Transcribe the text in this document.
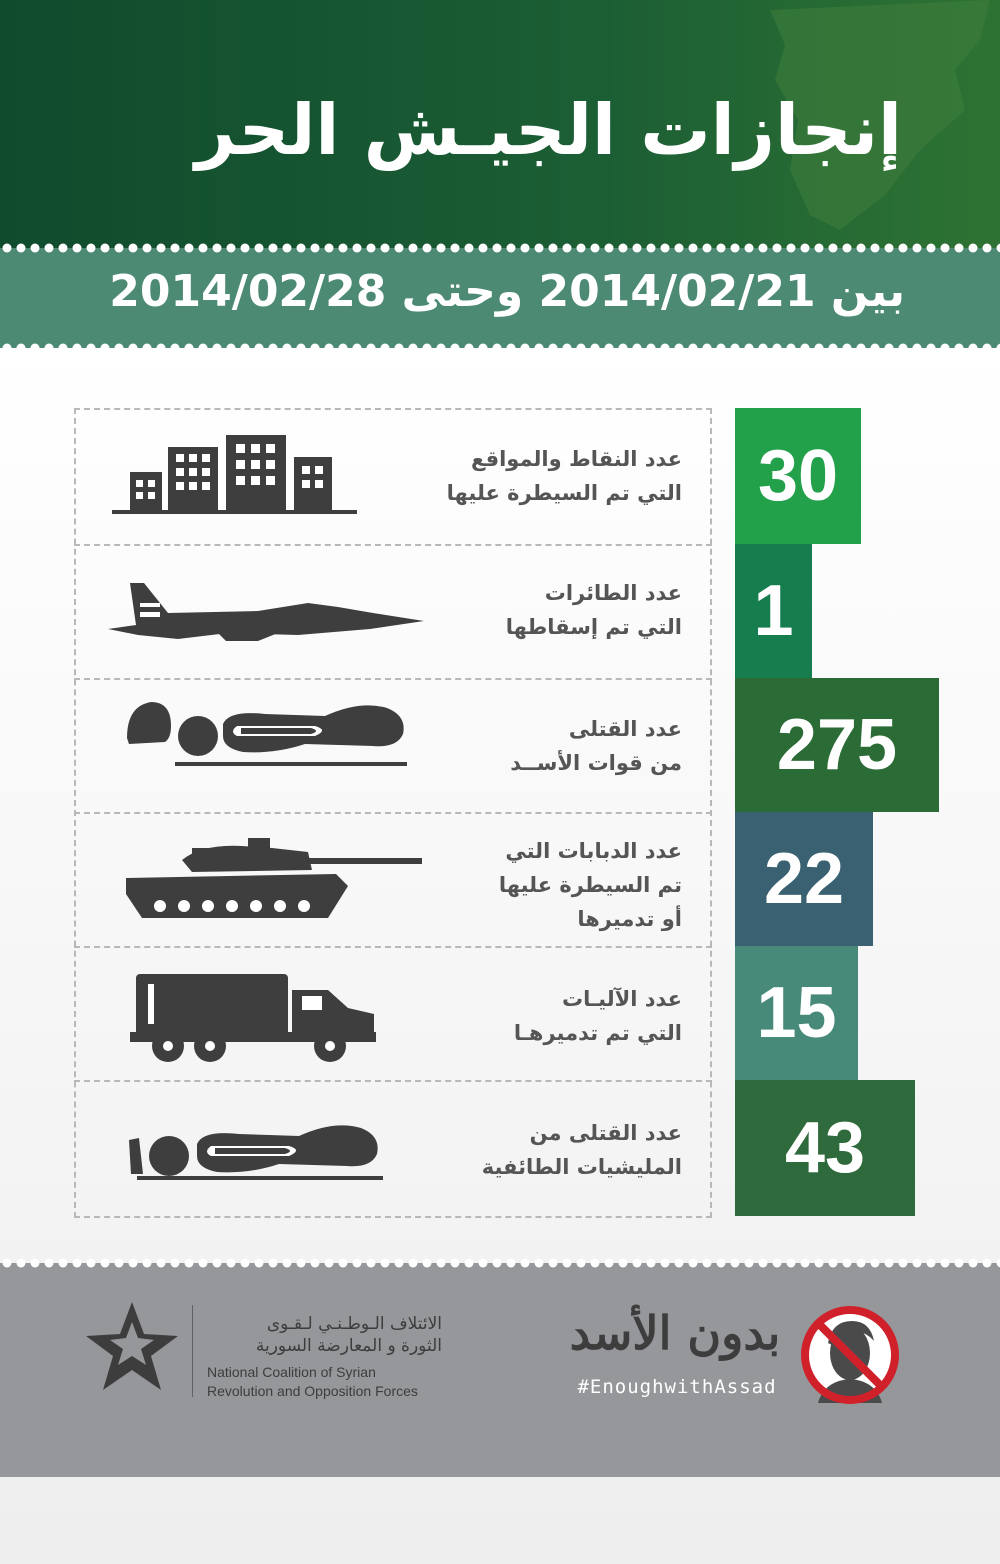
إنجازات الجيـش الحر
بين 2014/02/21 وحتى 2014/02/28
عدد النقاط والمواقع
التي تم السيطرة عليها	30
عدد الطائرات
التي تم إسقاطها 1
عدد القتلى
من قوات الأســد	275
عدد الدبابات التي
تم السيطرة عليها
أو تدميرها	22
عدد الآليـات
التي تم تدميرهـا 15
عدد القتلى من
المليشيات الطائفية	43
الائتلاف الـوطـنـي لـقـوى
الثورة و المعارضة السورية
National Coalition of Syrian
Revolution and Opposition Forces
بدون الأسد
#EnoughwithAssad
